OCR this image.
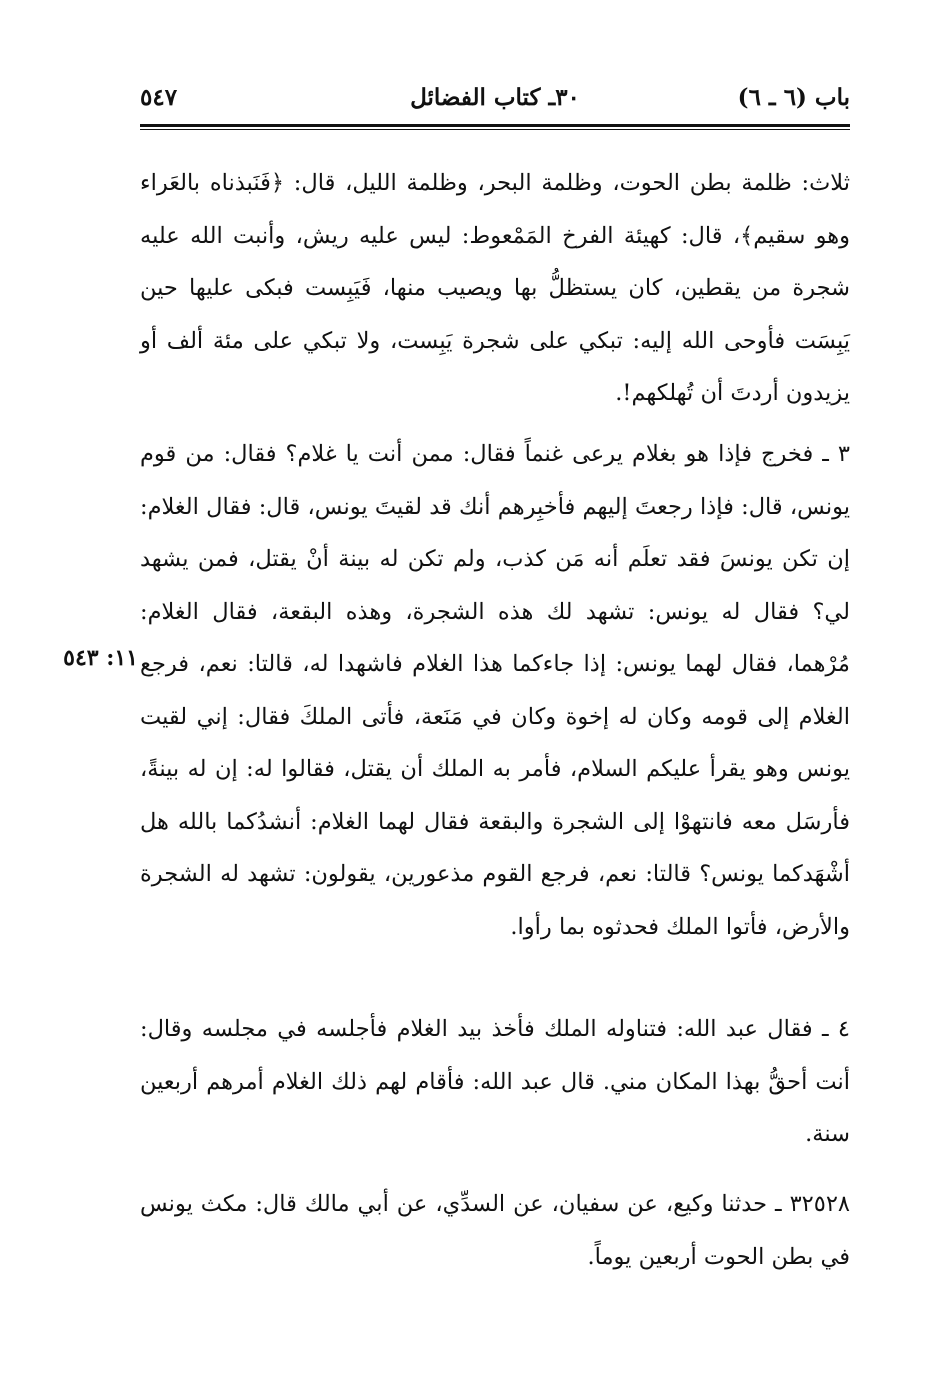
باب (٦ ـ ٦)
٣٠ـ كتاب الفضائل
٥٤٧

ثلاث: ظلمة بطن الحوت، وظلمة البحر، وظلمة الليل، قال: ﴿فَنَبذناه بالعَراء وهو سقيم﴾، قال: كهيئة الفرخ المَمْعوط: ليس عليه ريش، وأنبت الله عليه شجرة من يقطين، كان يستظلُّ بها ويصيب منها، فَيَبِست فبكى عليها حين يَبِسَت فأوحى الله إليه: تبكي على شجرة يَبِست، ولا تبكي على مئة ألف أو يزيدون أردتَ أن تُهلكهم!.

٣ ـ فخرج فإذا هو بغلام يرعى غنماً فقال: ممن أنت يا غلام؟ فقال: من قوم يونس، قال: فإذا رجعتَ إليهم فأخبِرهم أنك قد لقيتَ يونس، قال: فقال الغلام: إن تكن يونسَ فقد تعلَم أنه مَن كذب، ولم تكن له بينة أنْ يقتل، فمن يشهد لي؟ فقال له يونس: تشهد لك هذه الشجرة، وهذه البقعة، فقال الغلام: مُرْهما، فقال لهما يونس: إذا جاءكما هذا الغلام فاشهدا له، قالتا: نعم، فرجع الغلام إلى قومه وكان له إخوة وكان في مَنَعة، فأتى الملكَ فقال: إني لقيت يونس وهو يقرأ عليكم السلام، فأمر به الملك أن يقتل، فقالوا له: إن له بينةً، فأرسَل معه فانتهوْا إلى الشجرة والبقعة فقال لهما الغلام: أنشدُكما بالله هل أشْهَدكما يونس؟ قالتا: نعم، فرجع القوم مذعورين، يقولون: تشهد له الشجرة والأرض، فأتوا الملك فحدثوه بما رأوا.

٤ ـ فقال عبد الله: فتناوله الملك فأخذ بيد الغلام فأجلسه في مجلسه وقال: أنت أحقُّ بهذا المكان مني. قال عبد الله: فأقام لهم ذلك الغلام أمرهم أربعين سنة.

٣٢٥٢٨ ـ حدثنا وكيع، عن سفيان، عن السدِّي، عن أبي مالك قال: مكث يونس في بطن الحوت أربعين يوماً.

١١: ٥٤٣
